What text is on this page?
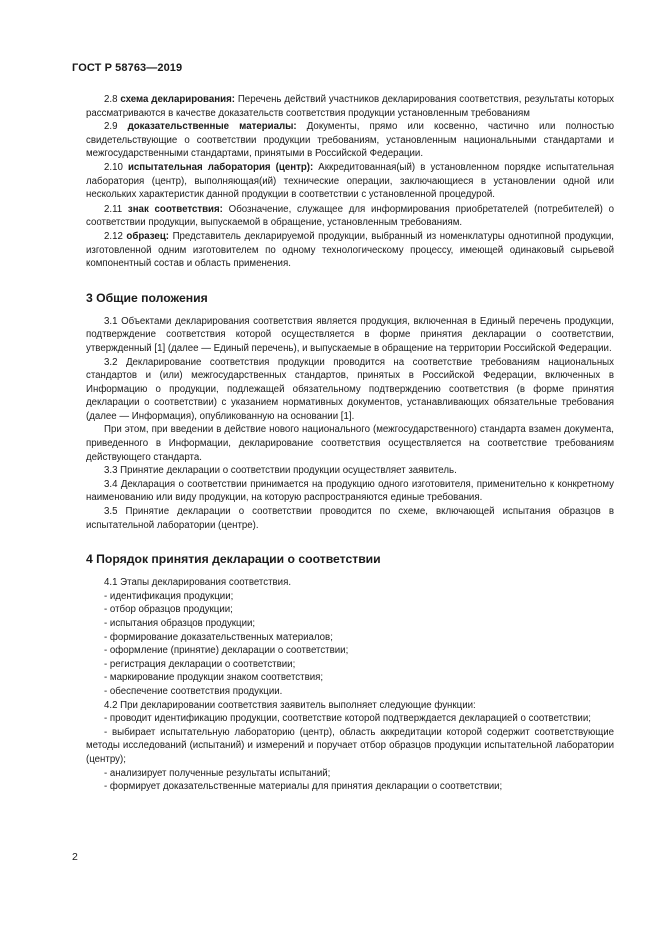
ГОСТ Р 58763—2019

2.8 схема декларирования: Перечень действий участников декларирования соответствия, результаты которых рассматриваются в качестве доказательств соответствия продукции установленным требованиям

2.9 доказательственные материалы: Документы, прямо или косвенно, частично или полностью свидетельствующие о соответствии продукции требованиям, установленным национальными стандартами и межгосударственными стандартами, принятыми в Российской Федерации.

2.10 испытательная лаборатория (центр): Аккредитованная(ый) в установленном порядке испытательная лаборатория (центр), выполняющая(ий) технические операции, заключающиеся в установлении одной или нескольких характеристик данной продукции в соответствии с установленной процедурой.

2.11 знак соответствия: Обозначение, служащее для информирования приобретателей (потребителей) о соответствии продукции, выпускаемой в обращение, установленным требованиям.

2.12 образец: Представитель декларируемой продукции, выбранный из номенклатуры однотипной продукции, изготовленной одним изготовителем по одному технологическому процессу, имеющей одинаковый сырьевой компонентный состав и область применения.

3 Общие положения

3.1 Объектами декларирования соответствия является продукция, включенная в Единый перечень продукции, подтверждение соответствия которой осуществляется в форме принятия декларации о соответствии, утвержденный [1] (далее — Единый перечень), и выпускаемые в обращение на территории Российской Федерации.

3.2 Декларирование соответствия продукции проводится на соответствие требованиям национальных стандартов и (или) межгосударственных стандартов, принятых в Российской Федерации, включенных в Информацию о продукции, подлежащей обязательному подтверждению соответствия (в форме принятия декларации о соответствии) с указанием нормативных документов, устанавливающих обязательные требования (далее — Информация), опубликованную на основании [1].

При этом, при введении в действие нового национального (межгосударственного) стандарта взамен документа, приведенного в Информации, декларирование соответствия осуществляется на соответствие требованиям действующего стандарта.

3.3 Принятие декларации о соответствии продукции осуществляет заявитель.

3.4 Декларация о соответствии принимается на продукцию одного изготовителя, применительно к конкретному наименованию или виду продукции, на которую распространяются единые требования.

3.5 Принятие декларации о соответствии проводится по схеме, включающей испытания образцов в испытательной лаборатории (центре).

4 Порядок принятия декларации о соответствии

4.1 Этапы декларирования соответствия.

- идентификация продукции;

- отбор образцов продукции;

- испытания образцов продукции;

- формирование доказательственных материалов;

- оформление (принятие) декларации о соответствии;

- регистрация декларации о соответствии;

- маркирование продукции знаком соответствия;

- обеспечение соответствия продукции.

4.2 При декларировании соответствия заявитель выполняет следующие функции:

- проводит идентификацию продукции, соответствие которой подтверждается декларацией о соответствии;

- выбирает испытательную лабораторию (центр), область аккредитации которой содержит соответствующие методы исследований (испытаний) и измерений и поручает отбор образцов продукции испытательной лаборатории (центру);

- анализирует полученные результаты испытаний;

- формирует доказательственные материалы для принятия декларации о соответствии;

2
